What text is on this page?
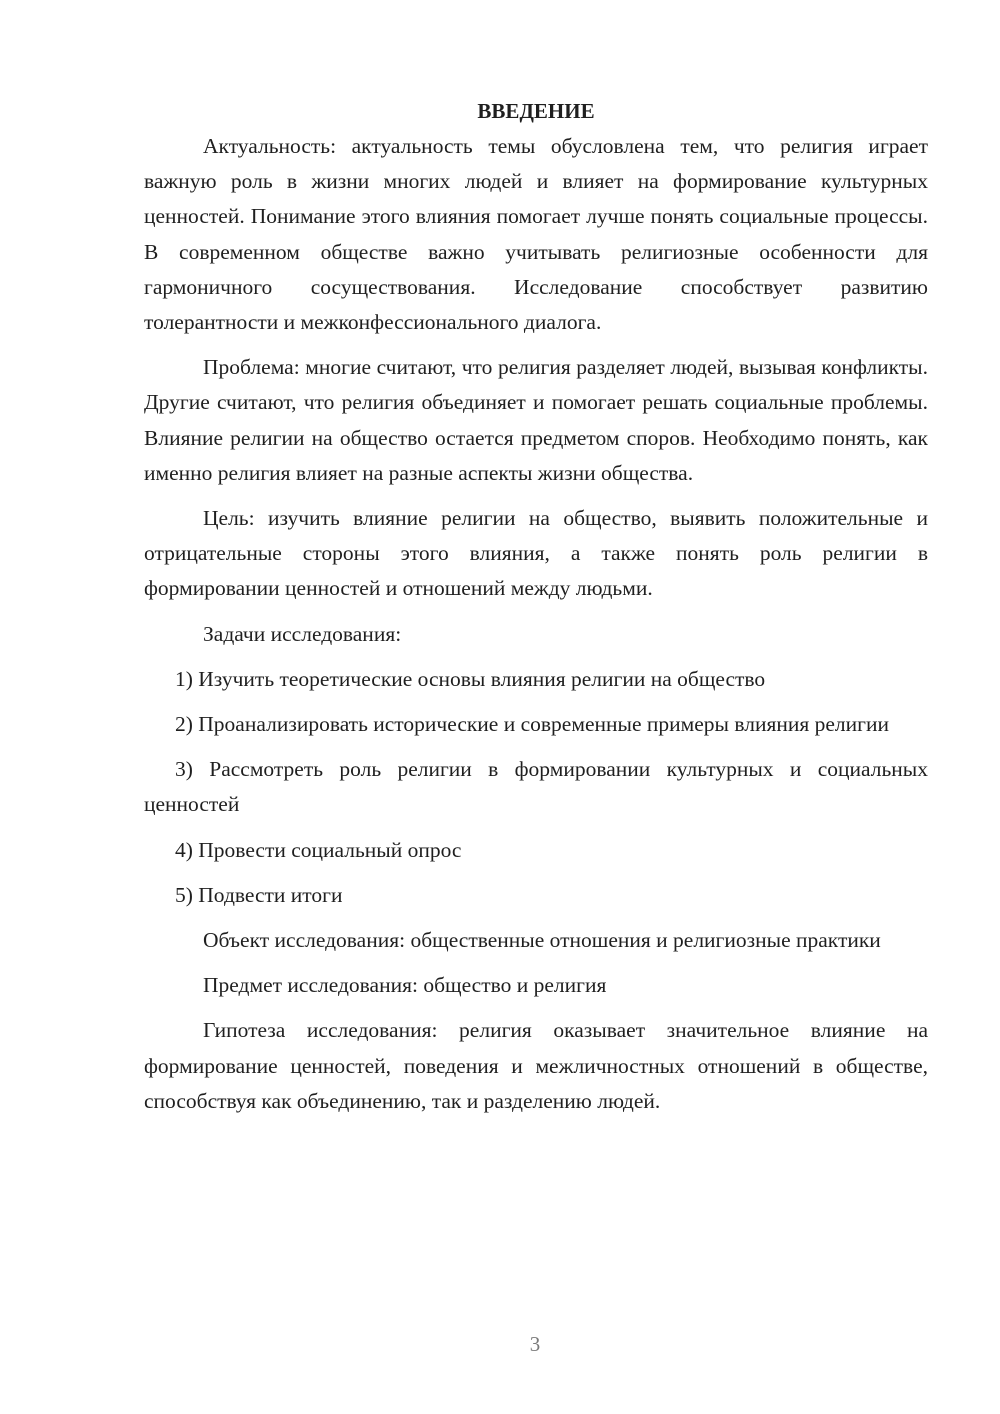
ВВЕДЕНИЕ

Актуальность: актуальность темы обусловлена тем, что религия играет важную роль в жизни многих людей и влияет на формирование культурных ценностей. Понимание этого влияния помогает лучше понять социальные процессы. В современном обществе важно учитывать религиозные особенности для гармоничного сосуществования. Исследование способствует развитию толерантности и межконфессионального диалога.

Проблема: многие считают, что религия разделяет людей, вызывая конфликты. Другие считают, что религия объединяет и помогает решать социальные проблемы. Влияние религии на общество остается предметом споров. Необходимо понять, как именно религия влияет на разные аспекты жизни общества.

Цель: изучить влияние религии на общество, выявить положительные и отрицательные стороны этого влияния, а также понять роль религии в формировании ценностей и отношений между людьми.

Задачи исследования:

1) Изучить теоретические основы влияния религии на общество

2) Проанализировать исторические и современные примеры влияния религии

3) Рассмотреть роль религии в формировании культурных и социальных ценностей

4) Провести социальный опрос

5) Подвести итоги

Объект исследования: общественные отношения и религиозные практики

Предмет исследования: общество и религия

Гипотеза исследования: религия оказывает значительное влияние на формирование ценностей, поведения и межличностных отношений в обществе, способствуя как объединению, так и разделению людей.

3
